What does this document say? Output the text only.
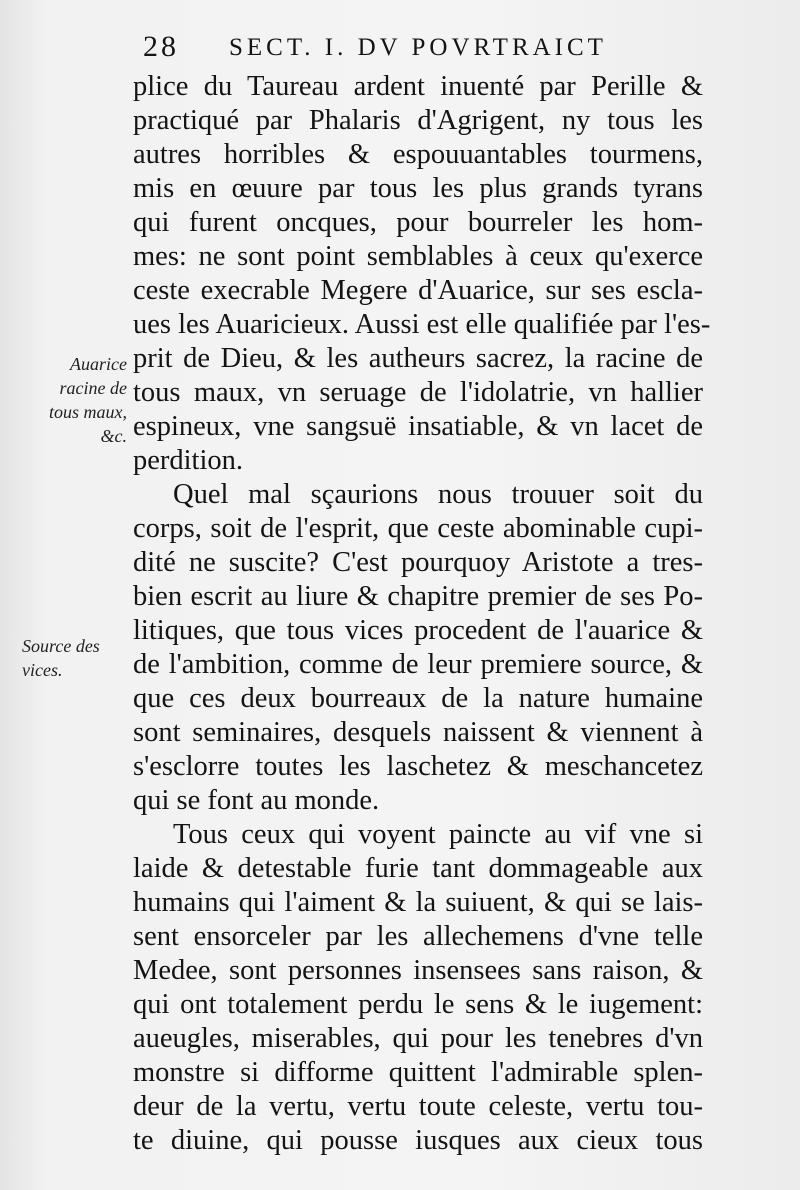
28 SECT. I. DV POVRTRAICT
Auarice
racine de
tous maux,
&c.
Source des
vices.
plice du Taureau ardent inuenté par Perille &
practiqué par Phalaris d'Agrigent, ny tous les
autres horribles & espouuantables tourmens,
mis en œuure par tous les plus grands tyrans
qui furent oncques, pour bourreler les hom-
mes: ne sont point semblables à ceux qu'exerce
ceste execrable Megere d'Auarice, sur ses escla-
ues les Auaricieux. Aussi est elle qualifiée par l'es-
prit de Dieu, & les autheurs sacrez, la racine de
tous maux, vn seruage de l'idolatrie, vn hallier
espineux, vne sangsuë insatiable, & vn lacet de
perdition.
Quel mal sçaurions nous trouuer soit du
corps, soit de l'esprit, que ceste abominable cupi-
dité ne suscite? C'est pourquoy Aristote a tres-
bien escrit au liure & chapitre premier de ses Po-
litiques, que tous vices procedent de l'auarice &
de l'ambition, comme de leur premiere source, &
que ces deux bourreaux de la nature humaine
sont seminaires, desquels naissent & viennent à
s'esclorre toutes les laschetez & meschancetez
qui se font au monde.
Tous ceux qui voyent paincte au vif vne si
laide & detestable furie tant dommageable aux
humains qui l'aiment & la suiuent, & qui se lais-
sent ensorceler par les allechemens d'vne telle
Medee, sont personnes insensees sans raison, &
qui ont totalement perdu le sens & le iugement:
aueugles, miserables, qui pour les tenebres d'vn
monstre si difforme quittent l'admirable splen-
deur de la vertu, vertu toute celeste, vertu tou-
te diuine, qui pousse iusques aux cieux tous
